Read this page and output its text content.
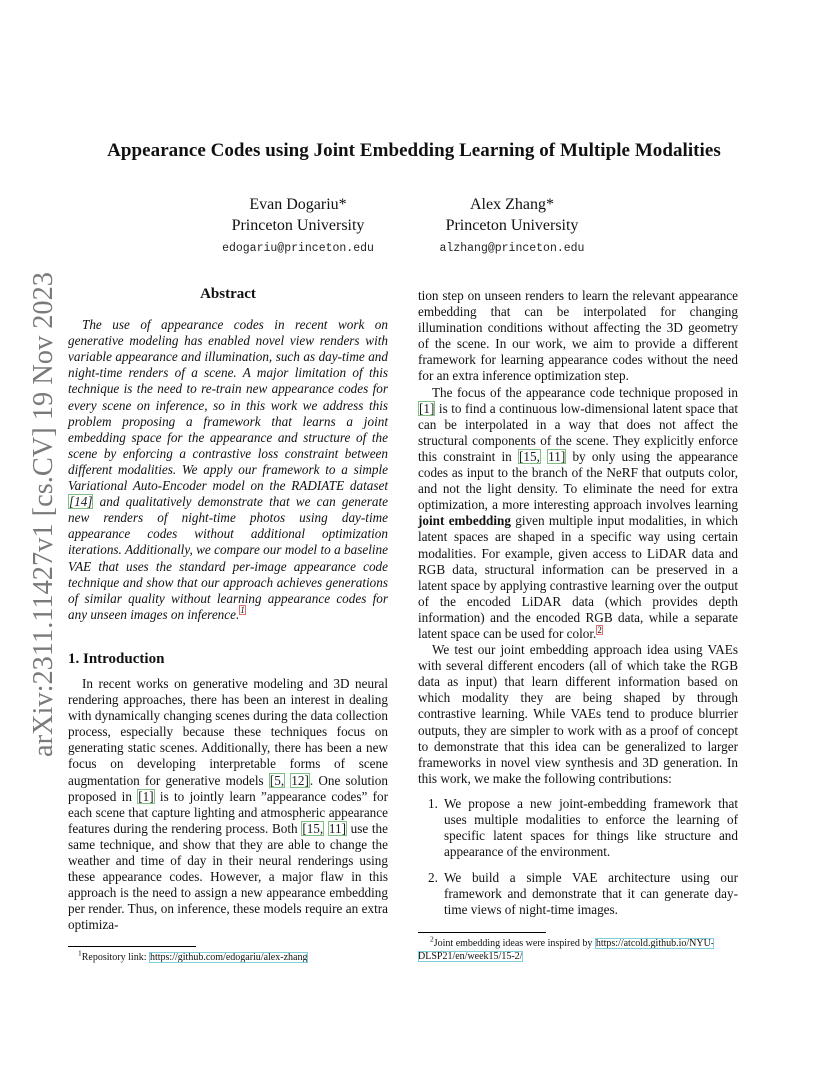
arXiv:2311.11427v1 [cs.CV] 19 Nov 2023
Appearance Codes using Joint Embedding Learning of Multiple Modalities
Evan Dogariu*
Princeton University
edogariu@princeton.edu
Alex Zhang*
Princeton University
alzhang@princeton.edu
Abstract

The use of appearance codes in recent work on generative modeling has enabled novel view renders with variable appearance and illumination, such as day-time and night-time renders of a scene. A major limitation of this technique is the need to re-train new appearance codes for every scene on inference, so in this work we address this problem proposing a framework that learns a joint embedding space for the appearance and structure of the scene by enforcing a contrastive loss constraint between different modalities. We apply our framework to a simple Variational Auto-Encoder model on the RADIATE dataset [14] and qualitatively demonstrate that we can generate new renders of night-time photos using day-time appearance codes without additional optimization iterations. Additionally, we compare our model to a baseline VAE that uses the standard per-image appearance code technique and show that our approach achieves generations of similar quality without learning appearance codes for any unseen images on inference.$^1$

1. Introduction

In recent works on generative modeling and 3D neural rendering approaches, there has been an interest in dealing with dynamically changing scenes during the data collection process, especially because these techniques focus on generating static scenes. Additionally, there has been a new focus on developing interpretable forms of scene augmentation for generative models [5, 12]. One solution proposed in [1] is to jointly learn ”appearance codes” for each scene that capture lighting and atmospheric appearance features during the rendering process. Both [15, 11] use the same technique, and show that they are able to change the weather and time of day in their neural renderings using these appearance codes. However, a major flaw in this approach is the need to assign a new appearance embedding per render. Thus, on inference, these models require an extra optimiza-

tion step on unseen renders to learn the relevant appearance embedding that can be interpolated for changing illumination conditions without affecting the 3D geometry of the scene. In our work, we aim to provide a different framework for learning appearance codes without the need for an extra inference optimization step.

The focus of the appearance code technique proposed in [1] is to find a continuous low-dimensional latent space that can be interpolated in a way that does not affect the structural components of the scene. They explicitly enforce this constraint in [15, 11] by only using the appearance codes as input to the branch of the NeRF that outputs color, and not the light density. To eliminate the need for extra optimization, a more interesting approach involves learning joint embedding given multiple input modalities, in which latent spaces are shaped in a specific way using certain modalities. For example, given access to LiDAR data and RGB data, structural information can be preserved in a latent space by applying contrastive learning over the output of the encoded LiDAR data (which provides depth information) and the encoded RGB data, while a separate latent space can be used for color.$^2$

We test our joint embedding approach idea using VAEs with several different encoders (all of which take the RGB data as input) that learn different information based on which modality they are being shaped by through contrastive learning. While VAEs tend to produce blurrier outputs, they are simpler to work with as a proof of concept to demonstrate that this idea can be generalized to larger frameworks in novel view synthesis and 3D generation. In this work, we make the following contributions:

1. We propose a new joint-embedding framework that uses multiple modalities to enforce the learning of specific latent spaces for things like structure and appearance of the environment.
2. We build a simple VAE architecture using our framework and demonstrate that it can generate day-time views of night-time images.
$^1$Repository link: https://github.com/edogariu/alex-zhang
$^2$Joint embedding ideas were inspired by https://atcold.github.io/NYU-DLSP21/en/week15/15-2/
